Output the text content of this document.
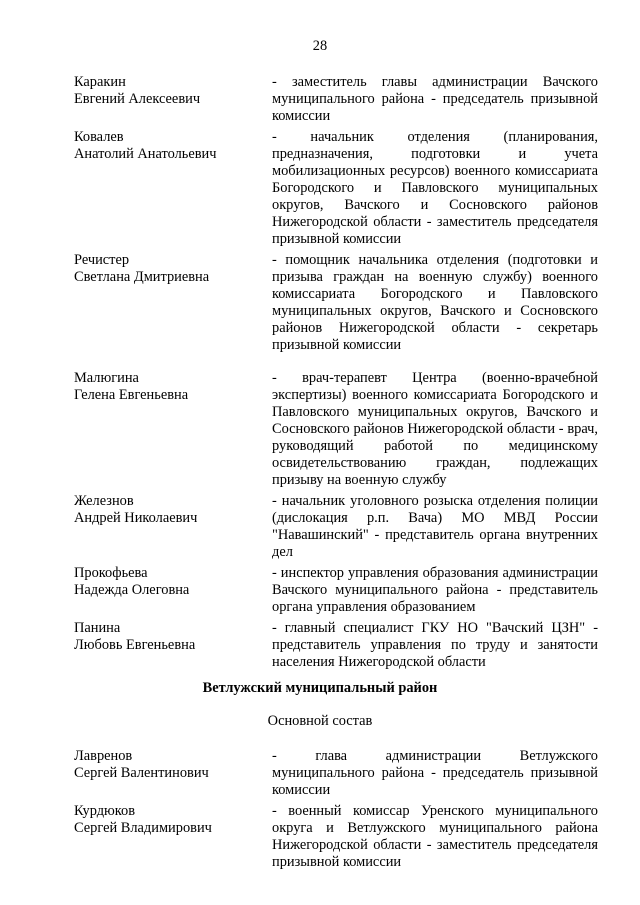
28
Каракин
Евгений Алексеевич
- заместитель главы администрации Вачского муниципального района - председатель призывной комиссии
Ковалев
Анатолий Анатольевич
- начальник отделения (планирования, предназначения, подготовки и учета мобилизационных ресурсов) военного комиссариата Богородского и Павловского муниципальных округов, Вачского и Сосновского районов Нижегородской области - заместитель председателя призывной комиссии
Речистер
Светлана Дмитриевна
- помощник начальника отделения (подготовки и призыва граждан на военную службу) военного комиссариата Богородского и Павловского муниципальных округов, Вачского и Сосновского районов Нижегородской области - секретарь призывной комиссии
Малюгина
Гелена Евгеньевна
- врач-терапевт Центра (военно-врачебной экспертизы) военного комиссариата Богородского и Павловского муниципальных округов, Вачского и Сосновского районов Нижегородской области - врач, руководящий работой по медицинскому освидетельствованию граждан, подлежащих призыву на военную службу
Железнов
Андрей Николаевич
- начальник уголовного розыска отделения полиции (дислокация р.п. Вача) МО МВД России "Навашинский" - представитель органа внутренних дел
Прокофьева
Надежда Олеговна
- инспектор управления образования администрации Вачского муниципального района - представитель органа управления образованием
Панина
Любовь Евгеньевна
- главный специалист ГКУ НО "Вачский ЦЗН" - представитель управления по труду и занятости населения Нижегородской области
Ветлужский муниципальный район
Основной состав
Лавренов
Сергей Валентинович
- глава администрации Ветлужского муниципального района - председатель призывной комиссии
Курдюков
Сергей Владимирович
- военный комиссар Уренского муниципального округа и Ветлужского муниципального района Нижегородской области - заместитель председателя призывной комиссии
